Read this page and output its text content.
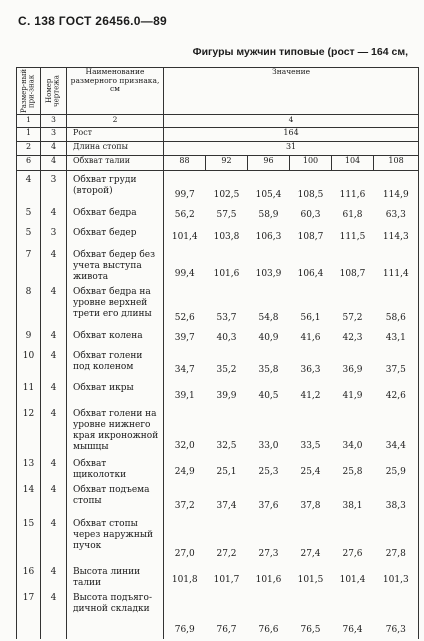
С. 138 ГОСТ 26456.0—89
Фигуры мужчин типовые (рост — 164 см,
Размер-ный при-знак	Номер чертежа	Наименование размерного признака, см	Значение					
1	3	2	4					
1	3	Рост	164					
2	4	Длина стопы	31					
6	4	Обхват талии	88	92	96	100	104	108
4	3	Обхват груди (второй)	99,7	102,5	105,4	108,5	111,6	114,9
5	4	Обхват бедра	56,2	57,5	58,9	60,3	61,8	63,3
5	3	Обхват бедер	101,4	103,8	106,3	108,7	111,5	114,3
7	4	Обхват бедер без учета выступа живота	99,4	101,6	103,9	106,4	108,7	111,4
8	4	Обхват бедра на уровне верхней трети его длины	52,6	53,7	54,8	56,1	57,2	58,6
9	4	Обхват колена	39,7	40,3	40,9	41,6	42,3	43,1
10	4	Обхват голени под коленом	34,7	35,2	35,8	36,3	36,9	37,5
11	4	Обхват икры	39,1	39,9	40,5	41,2	41,9	42,6
12	4	Обхват голени на уровне нижнего края икроножной мышцы	32,0	32,5	33,0	33,5	34,0	34,4
13	4	Обхват щиколотки	24,9	25,1	25,3	25,4	25,8	25,9
14	4	Обхват подъема стопы	37,2	37,4	37,6	37,8	38,1	38,3
15	4	Обхват стопы через наружный пучок	27,0	27,2	27,3	27,4	27,6	27,8
16	4	Высота линии талии	101,8	101,7	101,6	101,5	101,4	101,3
17	4	Высота подъяго-дичной складки	76,9	76,7	76,6	76,5	76,4	76,3
